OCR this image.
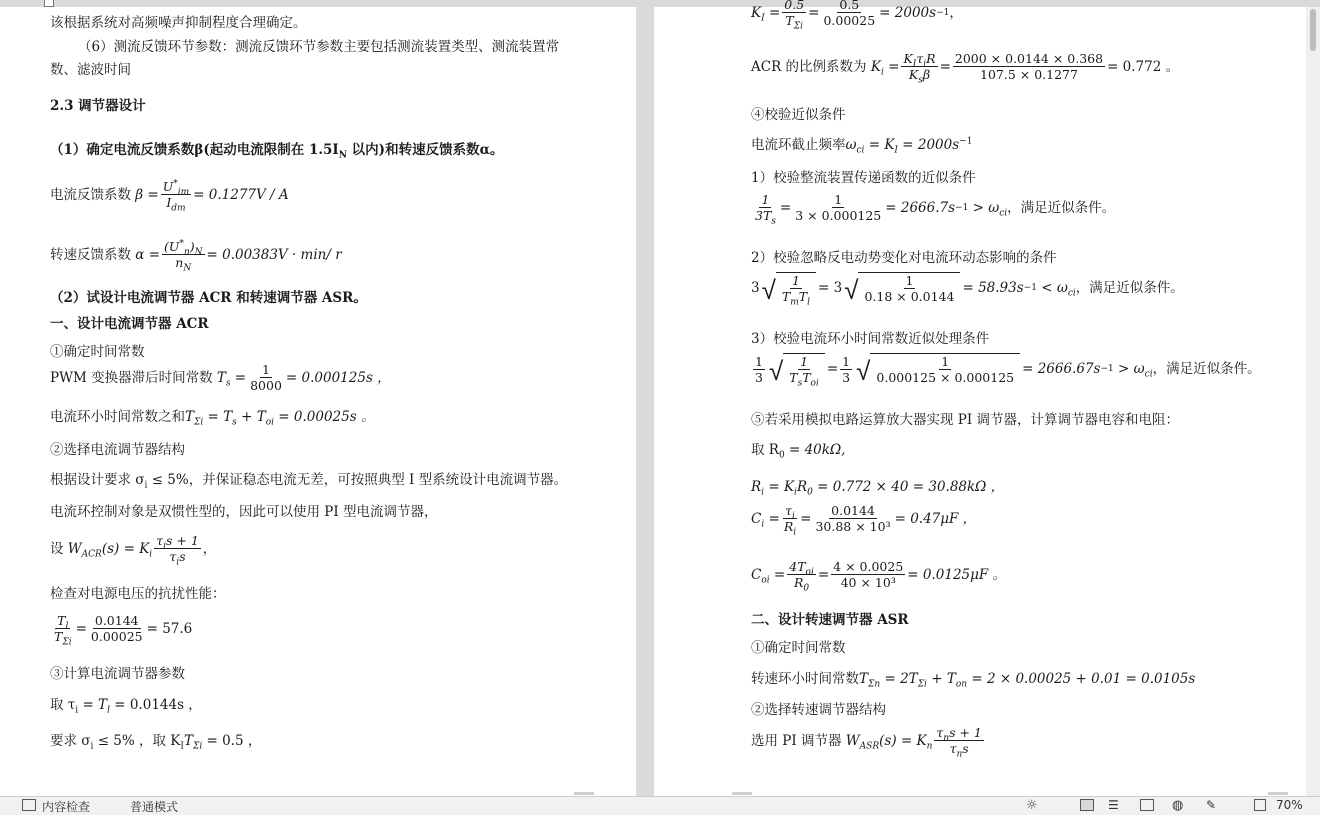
该根据系统对高频噪声抑制程度合理确定。
（6）测流反馈环节参数：测流反馈环节参数主要包括测流装置类型、测流装置常
数、滤波时间
2.3 调节器设计
（1）确定电流反馈系数β(起动电流限制在 $1.5I_N$ 以内)和转速反馈系数α。
电流反馈系数 $\beta = \frac{U^*_{im}}{I_{dm}} = 0.1277V / A$
转速反馈系数 $\alpha = \frac{(U^*_n)_N}{n_N} = 0.00383V \cdot \min/$ r
（2）试设计电流调节器 ACR 和转速调节器 ASR。
一、设计电流调节器 ACR
①确定时间常数
PWM 变换器滞后时间常数 $T_s = \frac{1}{8000} = 0.000125s$ ，
电流环小时间常数之和$T_{\Sigma i} = T_s + T_{oi} = 0.00025s$ 。
②选择电流调节器结构
根据设计要求 $\sigma_i \le 5\%$，并保证稳态电流无差，可按照典型 I 型系统设计电流调节器。
电流环控制对象是双惯性型的，因此可以使用 PI 型电流调节器，
设 $W_{ACR}(s) = K_i \frac{\tau_is + 1}{\tau_is}$ ，
检查对电源电压的抗扰性能：
$\frac{T_l}{T_{\Sigma i}} = \frac{0.0144}{0.00025} = 57.6$
③计算电流调节器参数
取 $\tau_i = T_l = 0.0144s$ ，
要求 $\sigma_i \le 5\%$ ，取 $K_IT_{\Sigma i} = 0.5$ ，
$K_I = \frac{0.5}{T_{\Sigma i}} = \frac{0.5}{0.00025} = 2000s -1$ ，
ACR 的比例系数为 $K_i = \frac{K_I\tau_iR}{K_s\beta} = \frac{2000 \times 0.0144 \times 0.368}{107.5 \times 0.1277} = 0.772$ 。
④校验近似条件
电流环截止频率$\omega_{ci} = K_I = 2000s^{-1}$
1）校验整流装置传递函数的近似条件
$\frac{1}{3T_s} = \frac{1}{3 \times 0.000125} = 2666.7s -1 > \omega_{ci}$ ，满足近似条件。
2）校验忽略反电动势变化对电流环动态影响的条件
3 √ $\frac{1}{T_mT_l} = 3$ √ $\frac{1}{0.18 \times 0.0144} = 58.93s -1 < \omega_{ci}$ ，满足近似条件。
3）校验电流环小时间常数近似处理条件
$\frac{1}{3}$ √ $\frac{1}{T_sT_{oi}} = \frac{1}{3}$ √ $\frac{1}{0.000125 \times 0.000125} = 2666.67s -1 > \omega_{ci}$ ，满足近似条件。
⑤若采用模拟电路运算放大器实现 PI 调节器，计算调节器电容和电阻：
取 $R_0 = 40k\Omega$,
$R_i = K_iR_0 = 0.772 \times 40 = 30.88k\Omega$ ，
$C_i = \frac{\tau_i}{R_i} = \frac{0.0144}{\text{30.88 × 10³}} = 0.47\mu F$ ，
$C_{oi} = \frac{4T_{oi}}{R_0} = \frac{4 \times 0.0025}{\text{40 × 10³}} = 0.0125\mu F$ 。
二、设计转速调节器 ASR
①确定时间常数
转速环小时间常数$T_{\Sigma n} = 2T_{\Sigma i} + T_{on} = 2 \times 0.00025 + 0.01 = 0.0105s$
②选择转速调节器结构
选用 PI 调节器 $W_{ASR}(s) = K_n \frac{\tau_ns + 1}{\tau_ns}$
内容检查	普通模式	☼	☰	◍ ✎	70%
